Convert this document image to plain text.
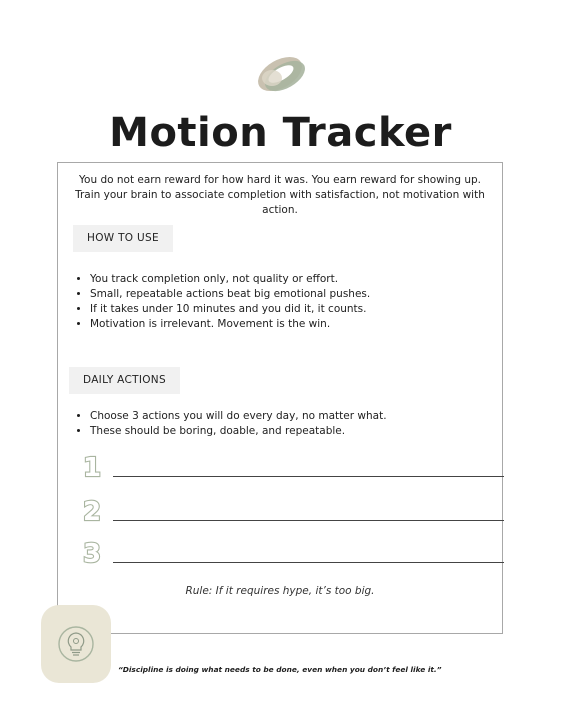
Motion Tracker
You do not earn reward for how hard it was. You earn reward for showing up.
Train your brain to associate completion with satisfaction, not motivation with action.
HOW TO USE
• You track completion only, not quality or effort.
• Small, repeatable actions beat big emotional pushes.
• If it takes under 10 minutes and you did it, it counts.
• Motivation is irrelevant. Movement is the win.
DAILY ACTIONS
• Choose 3 actions you will do every day, no matter what.
• These should be boring, doable, and repeatable.
1
2
3
Rule: If it requires hype, it’s too big.
“Discipline is doing what needs to be done, even when you don’t feel like it.”
